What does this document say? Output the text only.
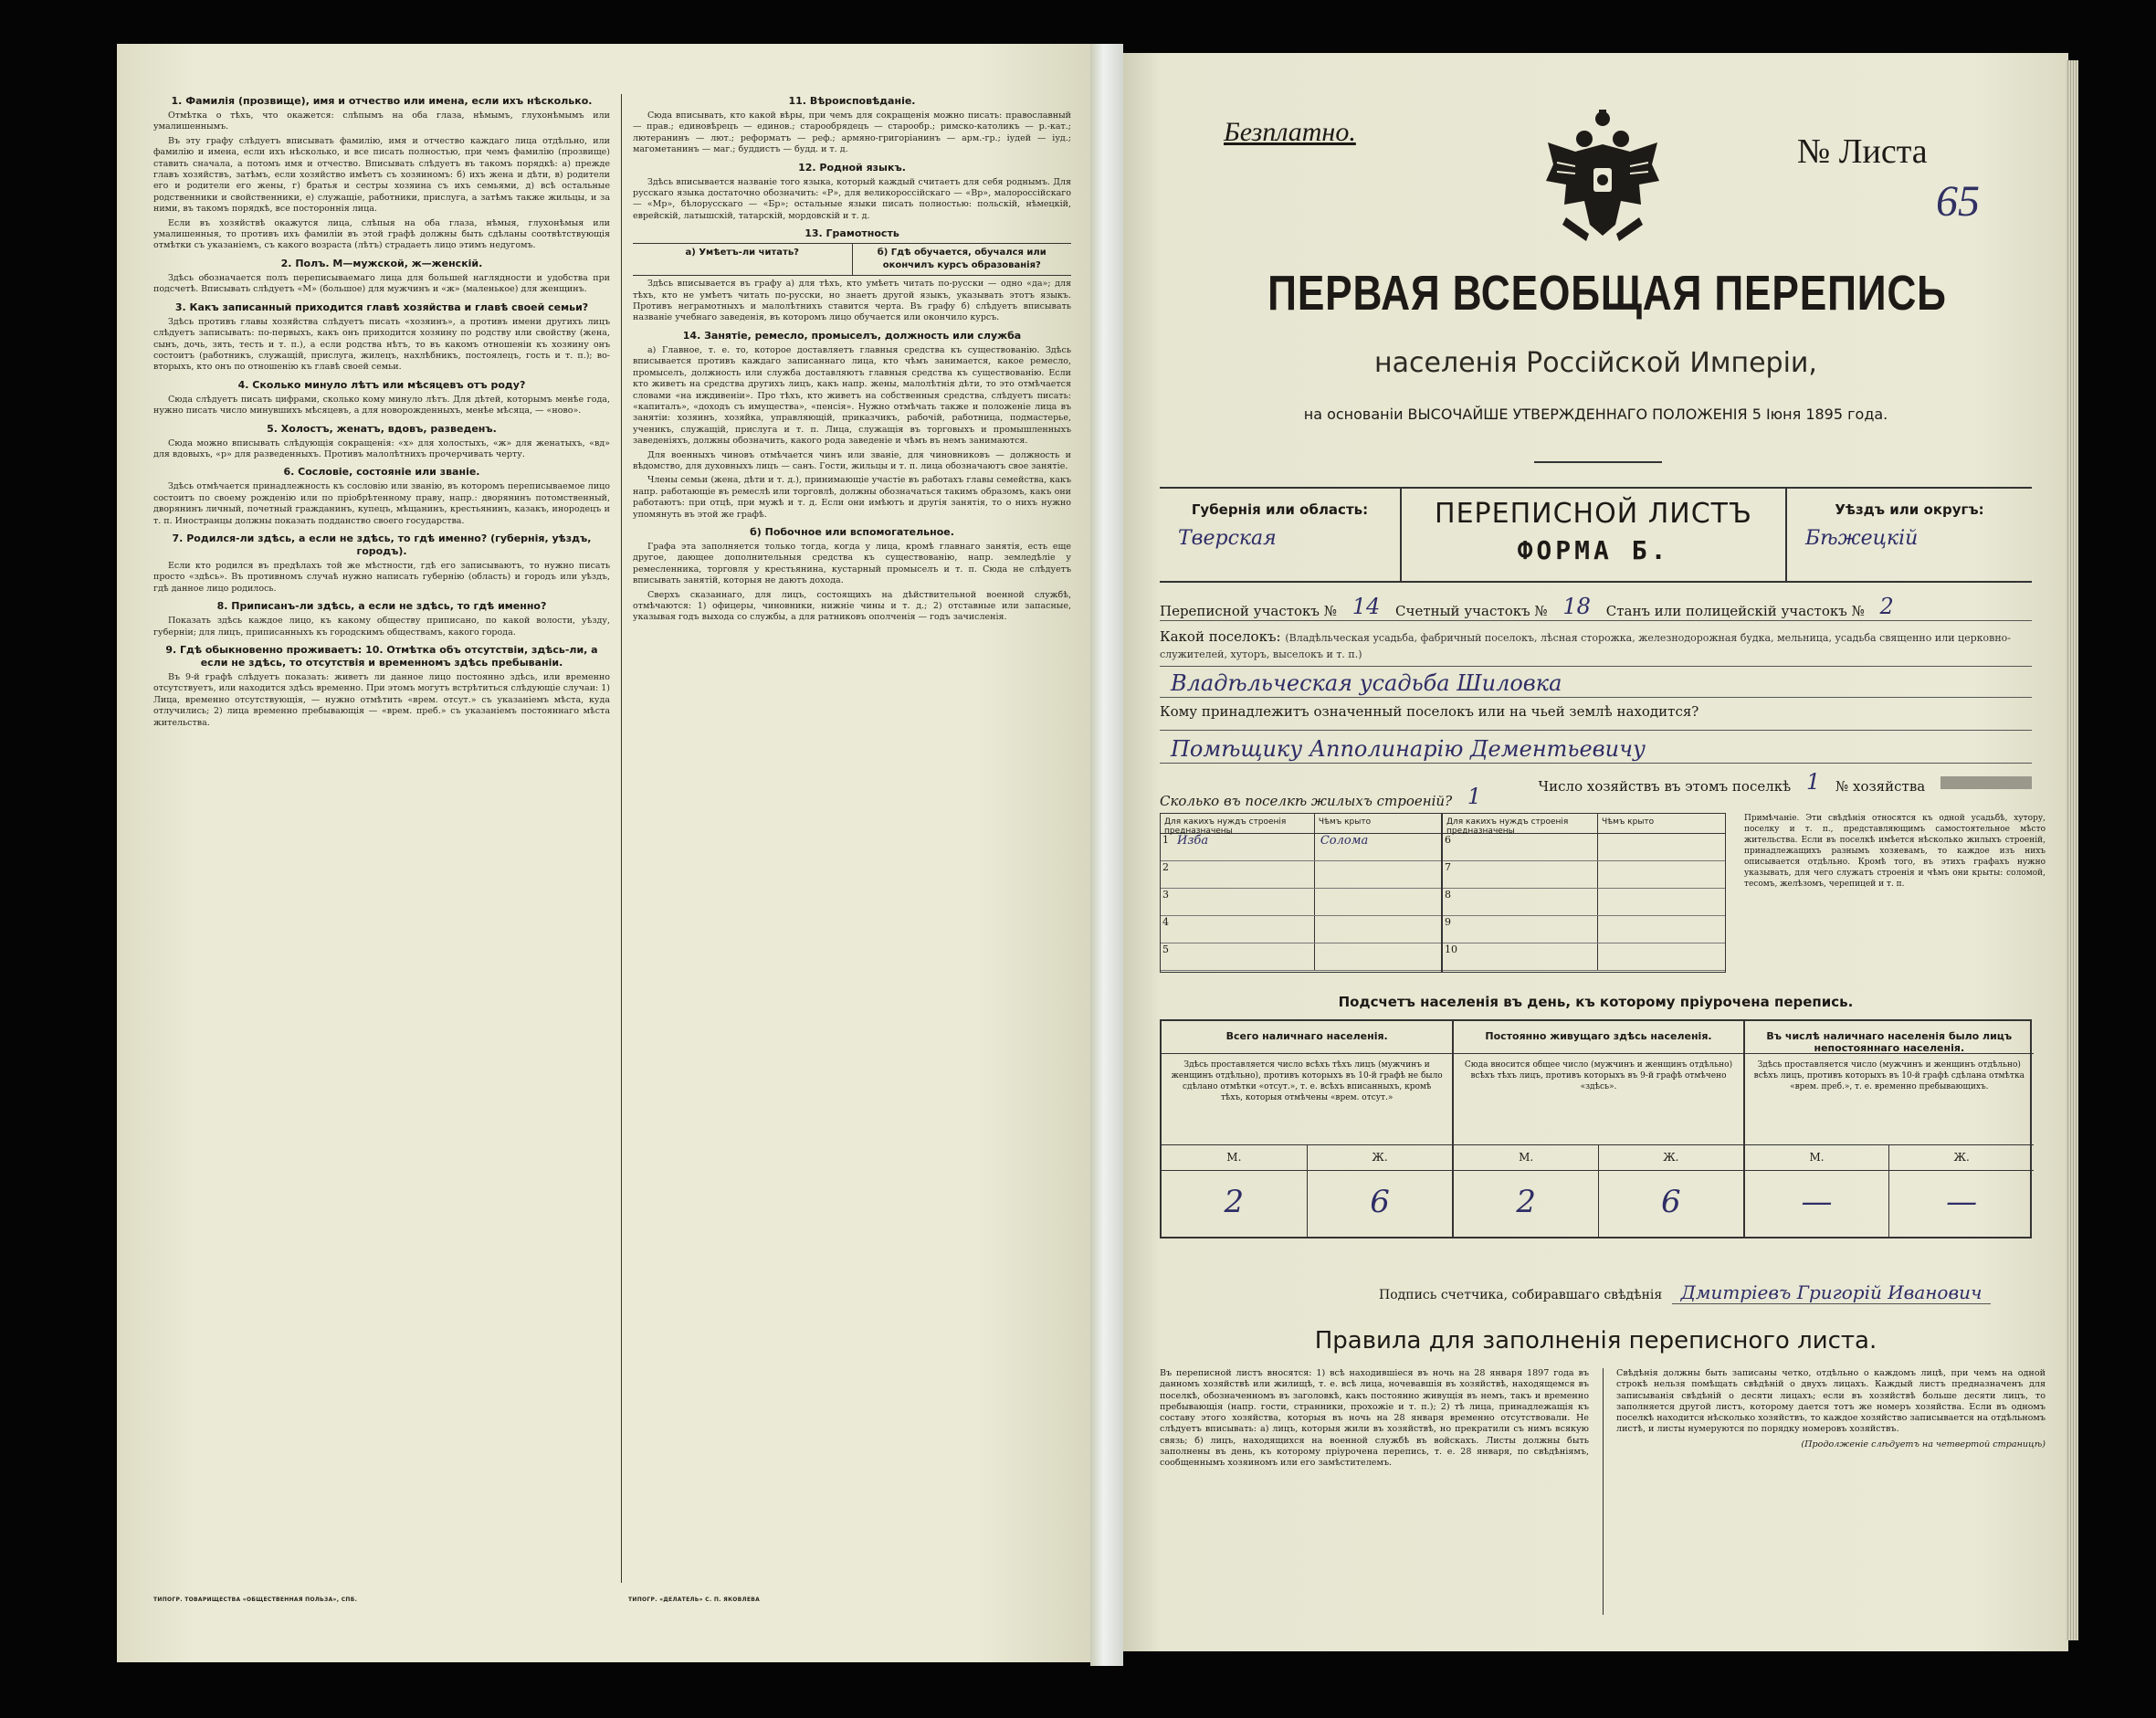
1. Фамилія (прозвище), имя и отчество или имена, если ихъ нѣсколько.
Отмѣтка о тѣхъ, что окажется: слѣпымъ на оба глаза, нѣмымъ, глухонѣмымъ или умалишеннымъ.
Въ эту графу слѣдуетъ вписывать фамилію, имя и отчество каждаго лица отдѣльно, или фамилію и имена, если ихъ нѣсколько, и все писать полностью, при чемъ фамилію (прозвище) ставить сначала, а потомъ имя и отчество. Вписывать слѣдуетъ въ такомъ порядкѣ: а) прежде главъ хозяйствъ, затѣмъ, если хозяйство имѣетъ съ хозяиномъ: б) ихъ жена и дѣти, в) родители его и родители его жены, г) братья и сестры хозяина съ ихъ семьями, д) всѣ остальные родственники и свойственники, е) служащіе, работники, прислуга, а затѣмъ также жильцы, и за ними, въ такомъ порядкѣ, все постороннія лица.
Если въ хозяйствѣ окажутся лица, слѣпыя на оба глаза, нѣмыя, глухонѣмыя или умалишенныя, то противъ ихъ фамиліи въ этой графѣ должны быть сдѣланы соотвѣтствующія отмѣтки съ указаніемъ, съ какого возраста (лѣтъ) страдаетъ лицо этимъ недугомъ.
2. Полъ. М—мужской, ж—женскій.
Здѣсь обозначается полъ переписываемаго лица для большей наглядности и удобства при подсчетѣ. Вписывать слѣдуетъ «М» (большое) для мужчинъ и «ж» (маленькое) для женщинъ.
3. Какъ записанный приходится главѣ хозяйства и главѣ своей семьи?
Здѣсь противъ главы хозяйства слѣдуетъ писать «хозяинъ», а противъ имени другихъ лицъ слѣдуетъ записывать: по-первыхъ, какъ онъ приходится хозяину по родству или свойству (жена, сынъ, дочь, зять, тесть и т. п.), а если родства нѣтъ, то въ какомъ отношеніи къ хозяину онъ состоитъ (работникъ, служащій, прислуга, жилецъ, нахлѣбникъ, постоялецъ, гость и т. п.); во-вторыхъ, кто онъ по отношенію къ главѣ своей семьи.
4. Сколько минуло лѣтъ или мѣсяцевъ отъ роду?
Сюда слѣдуетъ писать цифрами, сколько кому минуло лѣтъ. Для дѣтей, которымъ менѣе года, нужно писать число минувшихъ мѣсяцевъ, а для новорожденныхъ, менѣе мѣсяца, — «ново».
5. Холостъ, женатъ, вдовъ, разведенъ.
Сюда можно вписывать слѣдующія сокращенія: «х» для холостыхъ, «ж» для женатыхъ, «вд» для вдовыхъ, «р» для разведенныхъ. Противъ малолѣтнихъ прочерчивать черту.
6. Сословіе, состояніе или званіе.
Здѣсь отмѣчается принадлежность къ сословію или званію, въ которомъ переписываемое лицо состоитъ по своему рожденію или по пріобрѣтенному праву, напр.: дворянинъ потомственный, дворянинъ личный, почетный гражданинъ, купецъ, мѣщанинъ, крестьянинъ, казакъ, инородецъ и т. п. Иностранцы должны показать подданство своего государства.
7. Родился-ли здѣсь, а если не здѣсь, то гдѣ именно? (губернія, уѣздъ, городъ).
Если кто родился въ предѣлахъ той же мѣстности, гдѣ его записываютъ, то нужно писать просто «здѣсь». Въ противномъ случаѣ нужно написать губернію (область) и городъ или уѣздъ, гдѣ данное лицо родилось.
8. Приписанъ-ли здѣсь, а если не здѣсь, то гдѣ именно?
Показать здѣсь каждое лицо, къ какому обществу приписано, по какой волости, уѣзду, губерніи; для лицъ, приписанныхъ къ городскимъ обществамъ, какого города.
9. Гдѣ обыкновенно проживаетъ: 10. Отмѣтка объ отсутствіи, здѣсь-ли, а если не здѣсь, то отсутствія и временномъ здѣсь пребываніи.
Въ 9-й графѣ слѣдуетъ показать: живетъ ли данное лицо постоянно здѣсь, или временно отсутствуетъ, или находится здѣсь временно. При этомъ могутъ встрѣтиться слѣдующіе случаи: 1) Лица, временно отсутствующія, — нужно отмѣтить «врем. отсут.» съ указаніемъ мѣста, куда отлучились; 2) лица временно пребывающія — «врем. преб.» съ указаніемъ постояннаго мѣста жительства.
11. Вѣроисповѣданіе.
Сюда вписывать, кто какой вѣры, при чемъ для сокращенія можно писать: православный — прав.; единовѣрецъ — единов.; старообрядецъ — старообр.; римско-католикъ — р.-кат.; лютеранинъ — лют.; реформатъ — реф.; армяно-григоріанинъ — арм.-гр.; іудей — іуд.; магометанинъ — маг.; буддистъ — будд. и т. д.
12. Родной языкъ.
Здѣсь вписывается названіе того языка, который каждый считаетъ для себя роднымъ. Для русскаго языка достаточно обозначить: «Р», для великороссійскаго — «Вр», малороссійскаго — «Мр», бѣлорусскаго — «Бр»; остальные языки писать полностью: польскій, нѣмецкій, еврейскій, латышскій, татарскій, мордовскій и т. д.
13. Грамотность
а) Умѣетъ-ли читать?	б) Гдѣ обучается, обучался или окончилъ курсъ образованія?
Здѣсь вписывается въ графу а) для тѣхъ, кто умѣетъ читать по-русски — одно «да»; для тѣхъ, кто не умѣетъ читать по-русски, но знаетъ другой языкъ, указывать этотъ языкъ. Противъ неграмотныхъ и малолѣтнихъ ставится черта. Въ графу б) слѣдуетъ вписывать названіе учебнаго заведенія, въ которомъ лицо обучается или окончило курсъ.
14. Занятіе, ремесло, промыселъ, должность или служба
а) Главное, т. е. то, которое доставляетъ главныя средства къ существованію. Здѣсь вписывается противъ каждаго записаннаго лица, кто чѣмъ занимается, какое ремесло, промыселъ, должность или служба доставляютъ главныя средства къ существованію. Если кто живетъ на средства другихъ лицъ, какъ напр. жены, малолѣтнія дѣти, то это отмѣчается словами «на иждивеніи». Про тѣхъ, кто живетъ на собственныя средства, слѣдуетъ писать: «капиталъ», «доходъ съ имущества», «пенсія». Нужно отмѣчать также и положеніе лица въ занятіи: хозяинъ, хозяйка, управляющій, приказчикъ, рабочій, работница, подмастерье, ученикъ, служащій, прислуга и т. п. Лица, служащія въ торговыхъ и промышленныхъ заведеніяхъ, должны обозначить, какого рода заведеніе и чѣмъ въ немъ занимаются.
Для военныхъ чиновъ отмѣчается чинъ или званіе, для чиновниковъ — должность и вѣдомство, для духовныхъ лицъ — санъ. Гости, жильцы и т. п. лица обозначаютъ свое занятіе.
Члены семьи (жена, дѣти и т. д.), принимающіе участіе въ работахъ главы семейства, какъ напр. работающіе въ ремеслѣ или торговлѣ, должны обозначаться такимъ образомъ, какъ они работаютъ: при отцѣ, при мужѣ и т. д. Если они имѣютъ и другія занятія, то о нихъ нужно упомянуть въ этой же графѣ.
б) Побочное или вспомогательное.
Графа эта заполняется только тогда, когда у лица, кромѣ главнаго занятія, есть еще другое, дающее дополнительныя средства къ существованію, напр. земледѣліе у ремесленника, торговля у крестьянина, кустарный промыселъ и т. п. Сюда не слѣдуетъ вписывать занятій, которыя не даютъ дохода.
Сверхъ сказаннаго, для лицъ, состоящихъ на дѣйствительной военной службѣ, отмѣчаются: 1) офицеры, чиновники, нижніе чины и т. д.; 2) отставные или запасные, указывая годъ выхода со службы, а для ратниковъ ополченія — годъ зачисленія.
ТИПОГР. ТОВАРИЩЕСТВА «ОБЩЕСТВЕННАЯ ПОЛЬЗА», СПБ.	ТИПОГР. «ДЕЛАТЕЛЬ» С. П. ЯКОВЛЕВА
Безплатно.
№ Листа
65
ПЕРВАЯ ВСЕОБЩАЯ ПЕРЕПИСЬ
населенія Россійской Имперіи,
на основаніи ВЫСОЧАЙШЕ УТВЕРЖДЕННАГО ПОЛОЖЕНІЯ 5 Іюня 1895 года.
Губернія или область:
Тверская
ПЕРЕПИСНОЙ ЛИСТЪ
ФОРМА Б.
Уѣздъ или округъ:
Бѣжецкій
Переписной участокъ № 14 Счетный участокъ № 18 Станъ или полицейскій участокъ № 2
Какой поселокъ: (Владѣльческая усадьба, фабричный поселокъ, лѣсная сторожка, железнодорожная будка, мельница, усадьба священно или церковно-служителей, хуторъ, выселокъ и т. п.)
Владѣльческая усадьба Шиловка
Кому принадлежитъ означенный поселокъ или на чьей землѣ находится?
Помѣщику Апполинарію Дементьевичу
Число хозяйствъ въ этомъ поселкѣ 1 № хозяйства
Сколько въ поселкѣ жилыхъ строеній? 1
Для какихъ нуждъ строенія предназначены
Чѣмъ крыто
1 Изба	Солома
2
3
4
5
Для какихъ нуждъ строенія предназначены
Чѣмъ крыто
6
7
8
9
10
Примѣчаніе. Эти свѣдѣнія относятся къ одной усадьбѣ, хутору, поселку и т. п., представляющимъ самостоятельное мѣсто жительства. Если въ поселкѣ имѣется нѣсколько жилыхъ строеній, принадлежащихъ разнымъ хозяевамъ, то каждое изъ нихъ описывается отдѣльно. Кромѣ того, въ этихъ графахъ нужно указывать, для чего служатъ строенія и чѣмъ они крыты: соломой, тесомъ, желѣзомъ, черепицей и т. п.
Подсчетъ населенія въ день, къ которому пріурочена перепись.
Всего наличнаго населенія.
Здѣсь проставляется число всѣхъ тѣхъ лицъ (мужчинъ и женщинъ отдѣльно), противъ которыхъ въ 10-й графѣ не было сдѣлано отмѣтки «отсут.», т. е. всѣхъ вписанныхъ, кромѣ тѣхъ, которыя отмѣчены «врем. отсут.»
М.	Ж.
2	6
Постоянно живущаго здѣсь населенія.
Сюда вносится общее число (мужчинъ и женщинъ отдѣльно) всѣхъ тѣхъ лицъ, противъ которыхъ въ 9-й графѣ отмѣчено «здѣсь».
М.	Ж.
2	6
Въ числѣ наличнаго населенія было лицъ непостояннаго населенія.
Здѣсь проставляется число (мужчинъ и женщинъ отдѣльно) всѣхъ лицъ, противъ которыхъ въ 10-й графѣ сдѣлана отмѣтка «врем. преб.», т. е. временно пребывающихъ.
М.	Ж.
—	—
Подпись счетчика, собиравшаго свѣдѣнія Дмитріевъ Григорій Иванович
Правила для заполненія переписного листа.
Въ переписной листъ вносятся: 1) всѣ находившіеся въ ночь на 28 января 1897 года въ данномъ хозяйствѣ или жилищѣ, т. е. всѣ лица, ночевавшія въ хозяйствѣ, находящемся въ поселкѣ, обозначенномъ въ заголовкѣ, какъ постоянно живущія въ немъ, такъ и временно пребывающія (напр. гости, странники, прохожіе и т. п.); 2) тѣ лица, принадлежащія къ составу этого хозяйства, которыя въ ночь на 28 января временно отсутствовали. Не слѣдуетъ вписывать: а) лицъ, которыя жили въ хозяйствѣ, но прекратили съ нимъ всякую связь; б) лицъ, находящихся на военной службѣ въ войскахъ. Листы должны быть заполнены въ день, къ которому пріурочена перепись, т. е. 28 января, по свѣдѣніямъ, сообщеннымъ хозяиномъ или его замѣстителемъ.
Свѣдѣнія должны быть записаны четко, отдѣльно о каждомъ лицѣ, при чемъ на одной строкѣ нельзя помѣщать свѣдѣній о двухъ лицахъ. Каждый листъ предназначенъ для записыванія свѣдѣній о десяти лицахъ; если въ хозяйствѣ больше десяти лицъ, то заполняется другой листъ, которому дается тотъ же номеръ хозяйства. Если въ одномъ поселкѣ находится нѣсколько хозяйствъ, то каждое хозяйство записывается на отдѣльномъ листѣ, и листы нумеруются по порядку номеровъ хозяйствъ.
(Продолженіе слѣдуетъ на четвертой страницѣ)
